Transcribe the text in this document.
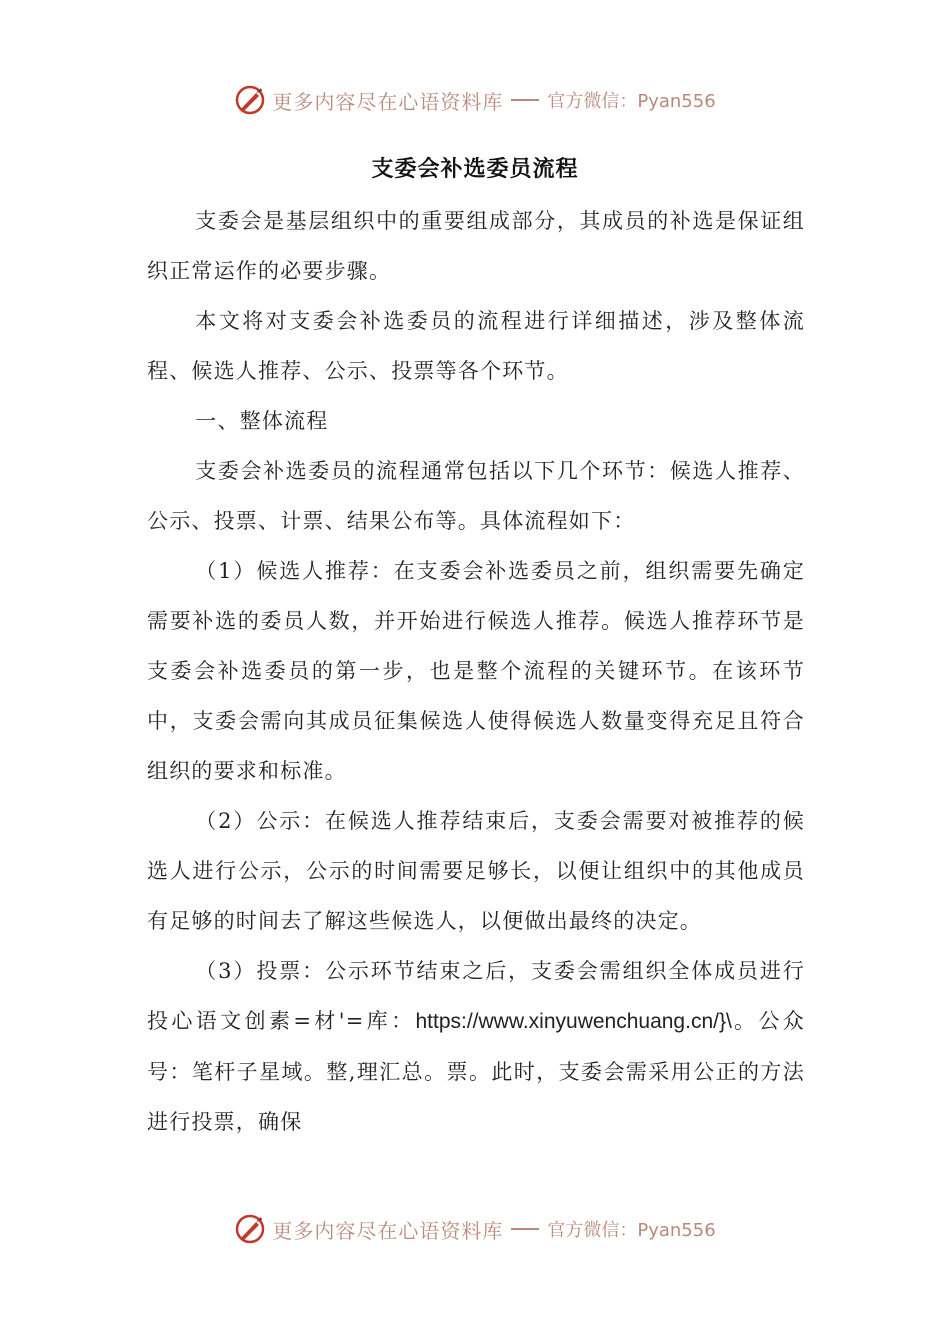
更多内容尽在心语资料库 官方微信：Pyan556
支委会补选委员流程

支委会是基层组织中的重要组成部分，其成员的补选是保证组织正常运作的必要步骤。

本文将对支委会补选委员的流程进行详细描述，涉及整体流程、候选人推荐、公示、投票等各个环节。

一、整体流程

支委会补选委员的流程通常包括以下几个环节：候选人推荐、公示、投票、计票、结果公布等。具体流程如下：

（1）候选人推荐：在支委会补选委员之前，组织需要先确定需要补选的委员人数，并开始进行候选人推荐。候选人推荐环节是支委会补选委员的第一步，也是整个流程的关键环节。在该环节中，支委会需向其成员征集候选人使得候选人数量变得充足且符合组织的要求和标准。

（2）公示：在候选人推荐结束后，支委会需要对被推荐的候选人进行公示，公示的时间需要足够长，以便让组织中的其他成员有足够的时间去了解这些候选人，以便做出最终的决定。

（3）投票：公示环节结束之后，支委会需组织全体成员进行投心语文创素=材'=库：https://www.xinyuwenchuang.cn/}\。公众号：笔杆子星域。整,理汇总。票。此时，支委会需采用公正的方法进行投票，确保

更多内容尽在心语资料库 官方微信：Pyan556
